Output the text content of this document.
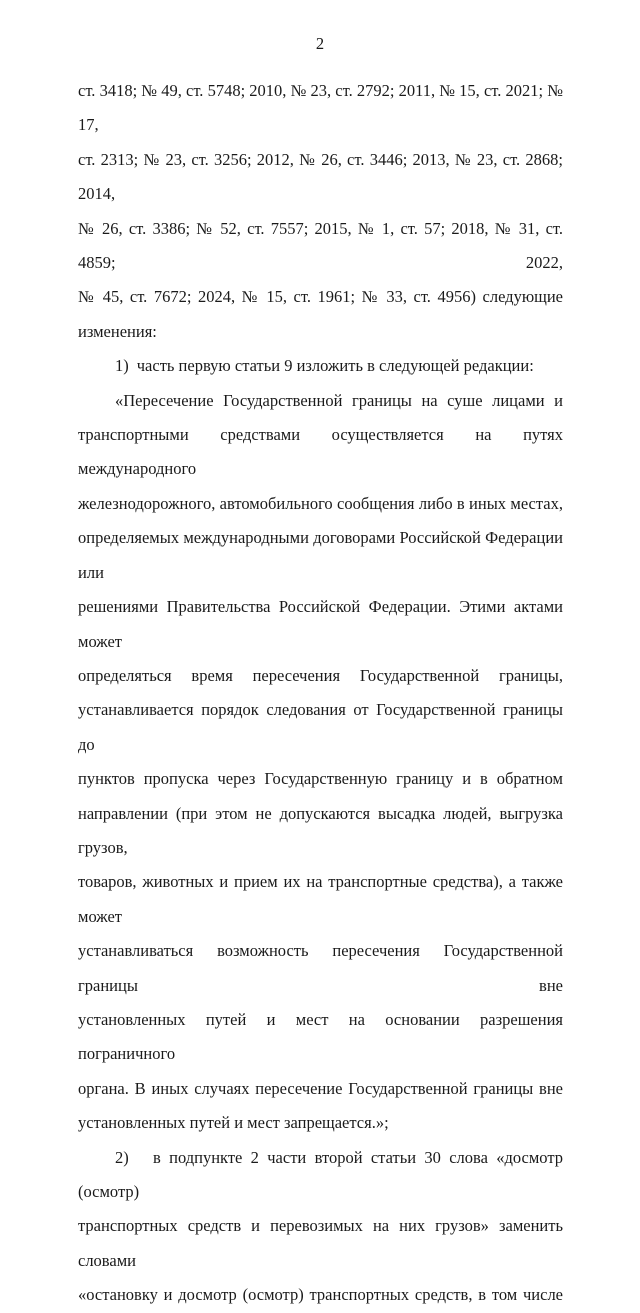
2
ст. 3418; № 49, ст. 5748; 2010, № 23, ст. 2792; 2011, № 15, ст. 2021; № 17,
ст. 2313; № 23, ст. 3256; 2012, № 26, ст. 3446; 2013, № 23, ст. 2868; 2014,
№ 26, ст. 3386; № 52, ст. 7557; 2015, № 1, ст. 57; 2018, № 31, ст. 4859; 2022,
№ 45, ст. 7672; 2024, № 15, ст. 1961; № 33, ст. 4956) следующие изменения:
1) часть первую статьи 9 изложить в следующей редакции:
«Пересечение Государственной границы на суше лицами и
транспортными средствами осуществляется на путях международного
железнодорожного, автомобильного сообщения либо в иных местах,
определяемых международными договорами Российской Федерации или
решениями Правительства Российской Федерации. Этими актами может
определяться время пересечения Государственной границы,
устанавливается порядок следования от Государственной границы до
пунктов пропуска через Государственную границу и в обратном
направлении (при этом не допускаются высадка людей, выгрузка грузов,
товаров, животных и прием их на транспортные средства), а также может
устанавливаться возможность пересечения Государственной границы вне
установленных путей и мест на основании разрешения пограничного
органа. В иных случаях пересечение Государственной границы вне
установленных путей и мест запрещается.»;
2) в подпункте 2 части второй статьи 30 слова «досмотр (осмотр)
транспортных средств и перевозимых на них грузов» заменить словами
«остановку и досмотр (осмотр) транспортных средств, в том числе
